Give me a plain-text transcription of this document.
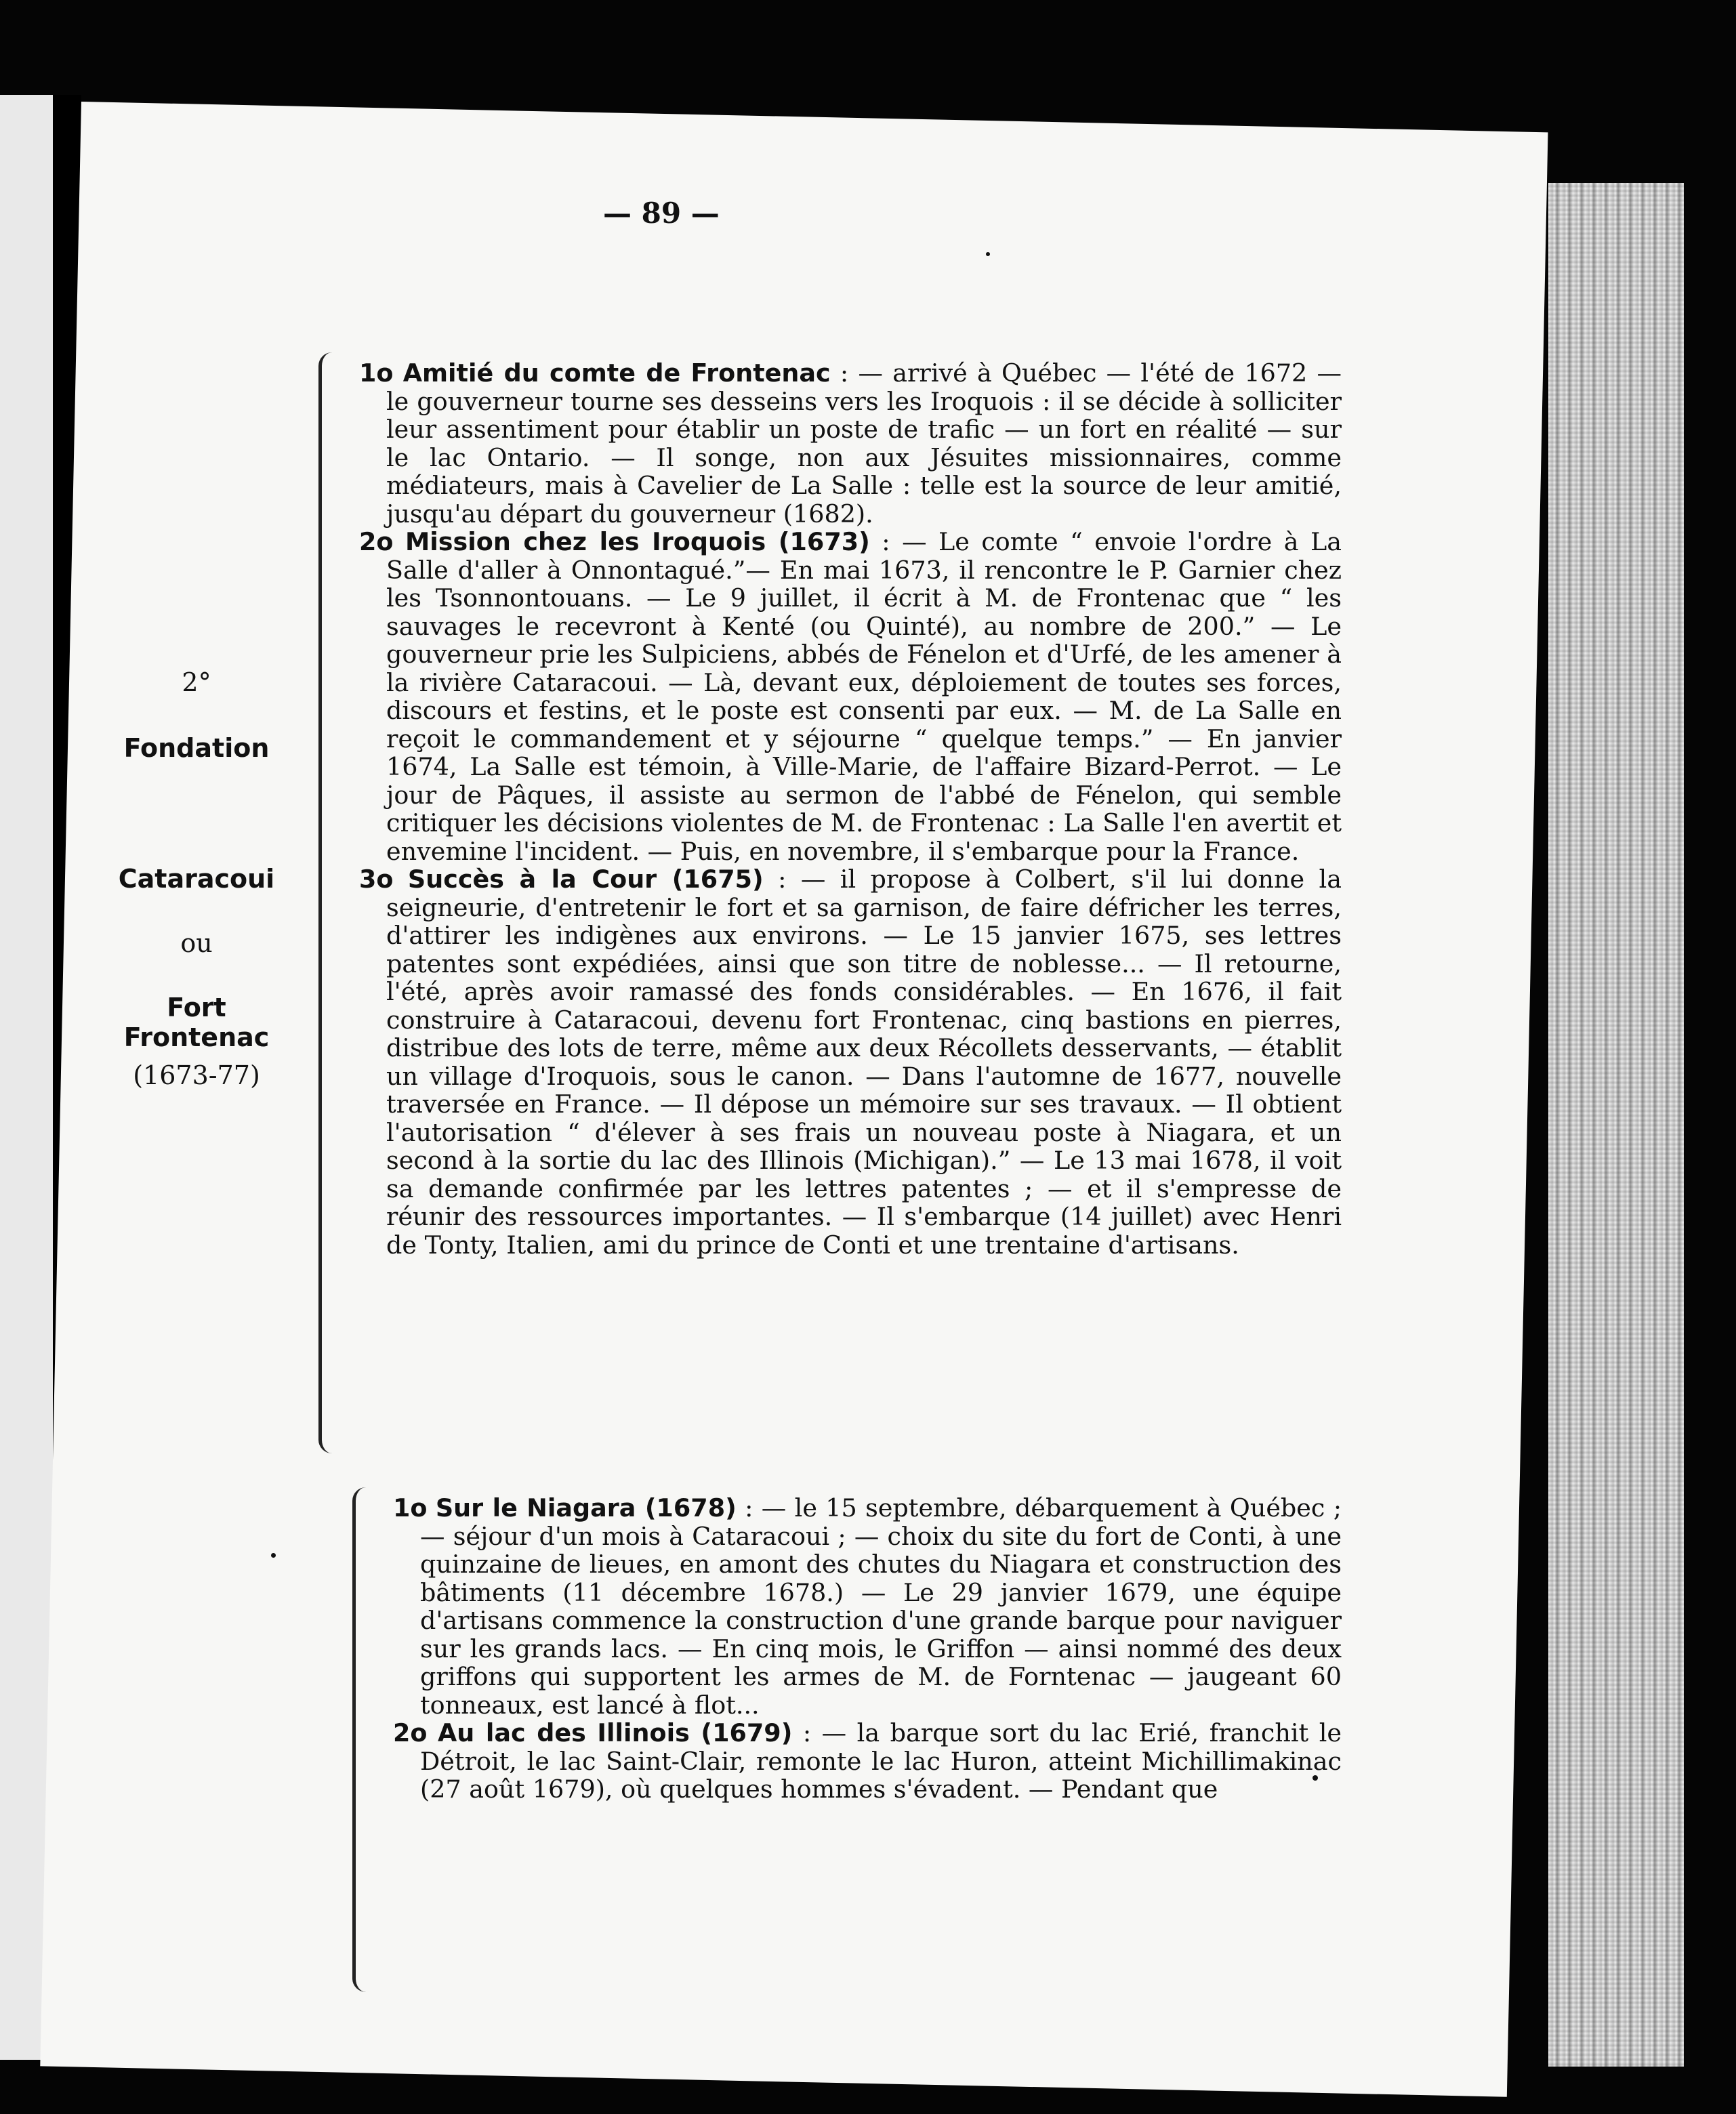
— 89 —
2°
Fondation
Cataracoui
ou
Fort Frontenac
(1673-77)

1o Amitié du comte de Frontenac : — arrivé à Québec — l'été de 1672 — le gouverneur tourne ses desseins vers les Iroquois : il se décide à solliciter leur assentiment pour établir un poste de trafic — un fort en réalité — sur le lac Ontario. — Il songe, non aux Jésuites missionnaires, comme médiateurs, mais à Cavelier de La Salle : telle est la source de leur amitié, jusqu'au départ du gouverneur (1682).

2o Mission chez les Iroquois (1673) : — Le comte “ envoie l'ordre à La Salle d'aller à Onnontagué.”— En mai 1673, il rencontre le P. Garnier chez les Tsonnontouans. — Le 9 juillet, il écrit à M. de Frontenac que “ les sauvages le recevront à Kenté (ou Quinté), au nombre de 200.” — Le gouverneur prie les Sulpiciens, abbés de Fénelon et d'Urfé, de les amener à la rivière Cataracoui. — Là, devant eux, déploiement de toutes ses forces, discours et festins, et le poste est consenti par eux. — M. de La Salle en reçoit le commandement et y séjourne “ quelque temps.” — En janvier 1674, La Salle est témoin, à Ville-Marie, de l'affaire Bizard-Perrot. — Le jour de Pâques, il assiste au sermon de l'abbé de Fénelon, qui semble critiquer les décisions violentes de M. de Frontenac : La Salle l'en avertit et envemine l'incident. — Puis, en novembre, il s'embarque pour la France.

3o Succès à la Cour (1675) : — il propose à Colbert, s'il lui donne la seigneurie, d'entretenir le fort et sa garnison, de faire défricher les terres, d'attirer les indigènes aux environs. — Le 15 janvier 1675, ses lettres patentes sont expédiées, ainsi que son titre de noblesse... — Il retourne, l'été, après avoir ramassé des fonds considérables. — En 1676, il fait construire à Cataracoui, devenu fort Frontenac, cinq bastions en pierres, distribue des lots de terre, même aux deux Récollets desservants, — établit un village d'Iroquois, sous le canon. — Dans l'automne de 1677, nouvelle traversée en France. — Il dépose un mémoire sur ses travaux. — Il obtient l'autorisation “ d'élever à ses frais un nouveau poste à Niagara, et un second à la sortie du lac des Illinois (Michigan).” — Le 13 mai 1678, il voit sa demande confirmée par les lettres patentes ; — et il s'empresse de réunir des ressources importantes. — Il s'embarque (14 juillet) avec Henri de Tonty, Italien, ami du prince de Conti et une trentaine d'artisans.

1o Sur le Niagara (1678) : — le 15 septembre, débarquement à Québec ; — séjour d'un mois à Cataracoui ; — choix du site du fort de Conti, à une quinzaine de lieues, en amont des chutes du Niagara et construction des bâtiments (11 décembre 1678.) — Le 29 janvier 1679, une équipe d'artisans commence la construction d'une grande barque pour naviguer sur les grands lacs. — En cinq mois, le Griffon — ainsi nommé des deux griffons qui supportent les armes de M. de Forntenac — jaugeant 60 tonneaux, est lancé à flot...

2o Au lac des Illinois (1679) : — la barque sort du lac Erié, franchit le Détroit, le lac Saint-Clair, remonte le lac Huron, atteint Michillimakinac (27 août 1679), où quelques hommes s'évadent. — Pendant que
